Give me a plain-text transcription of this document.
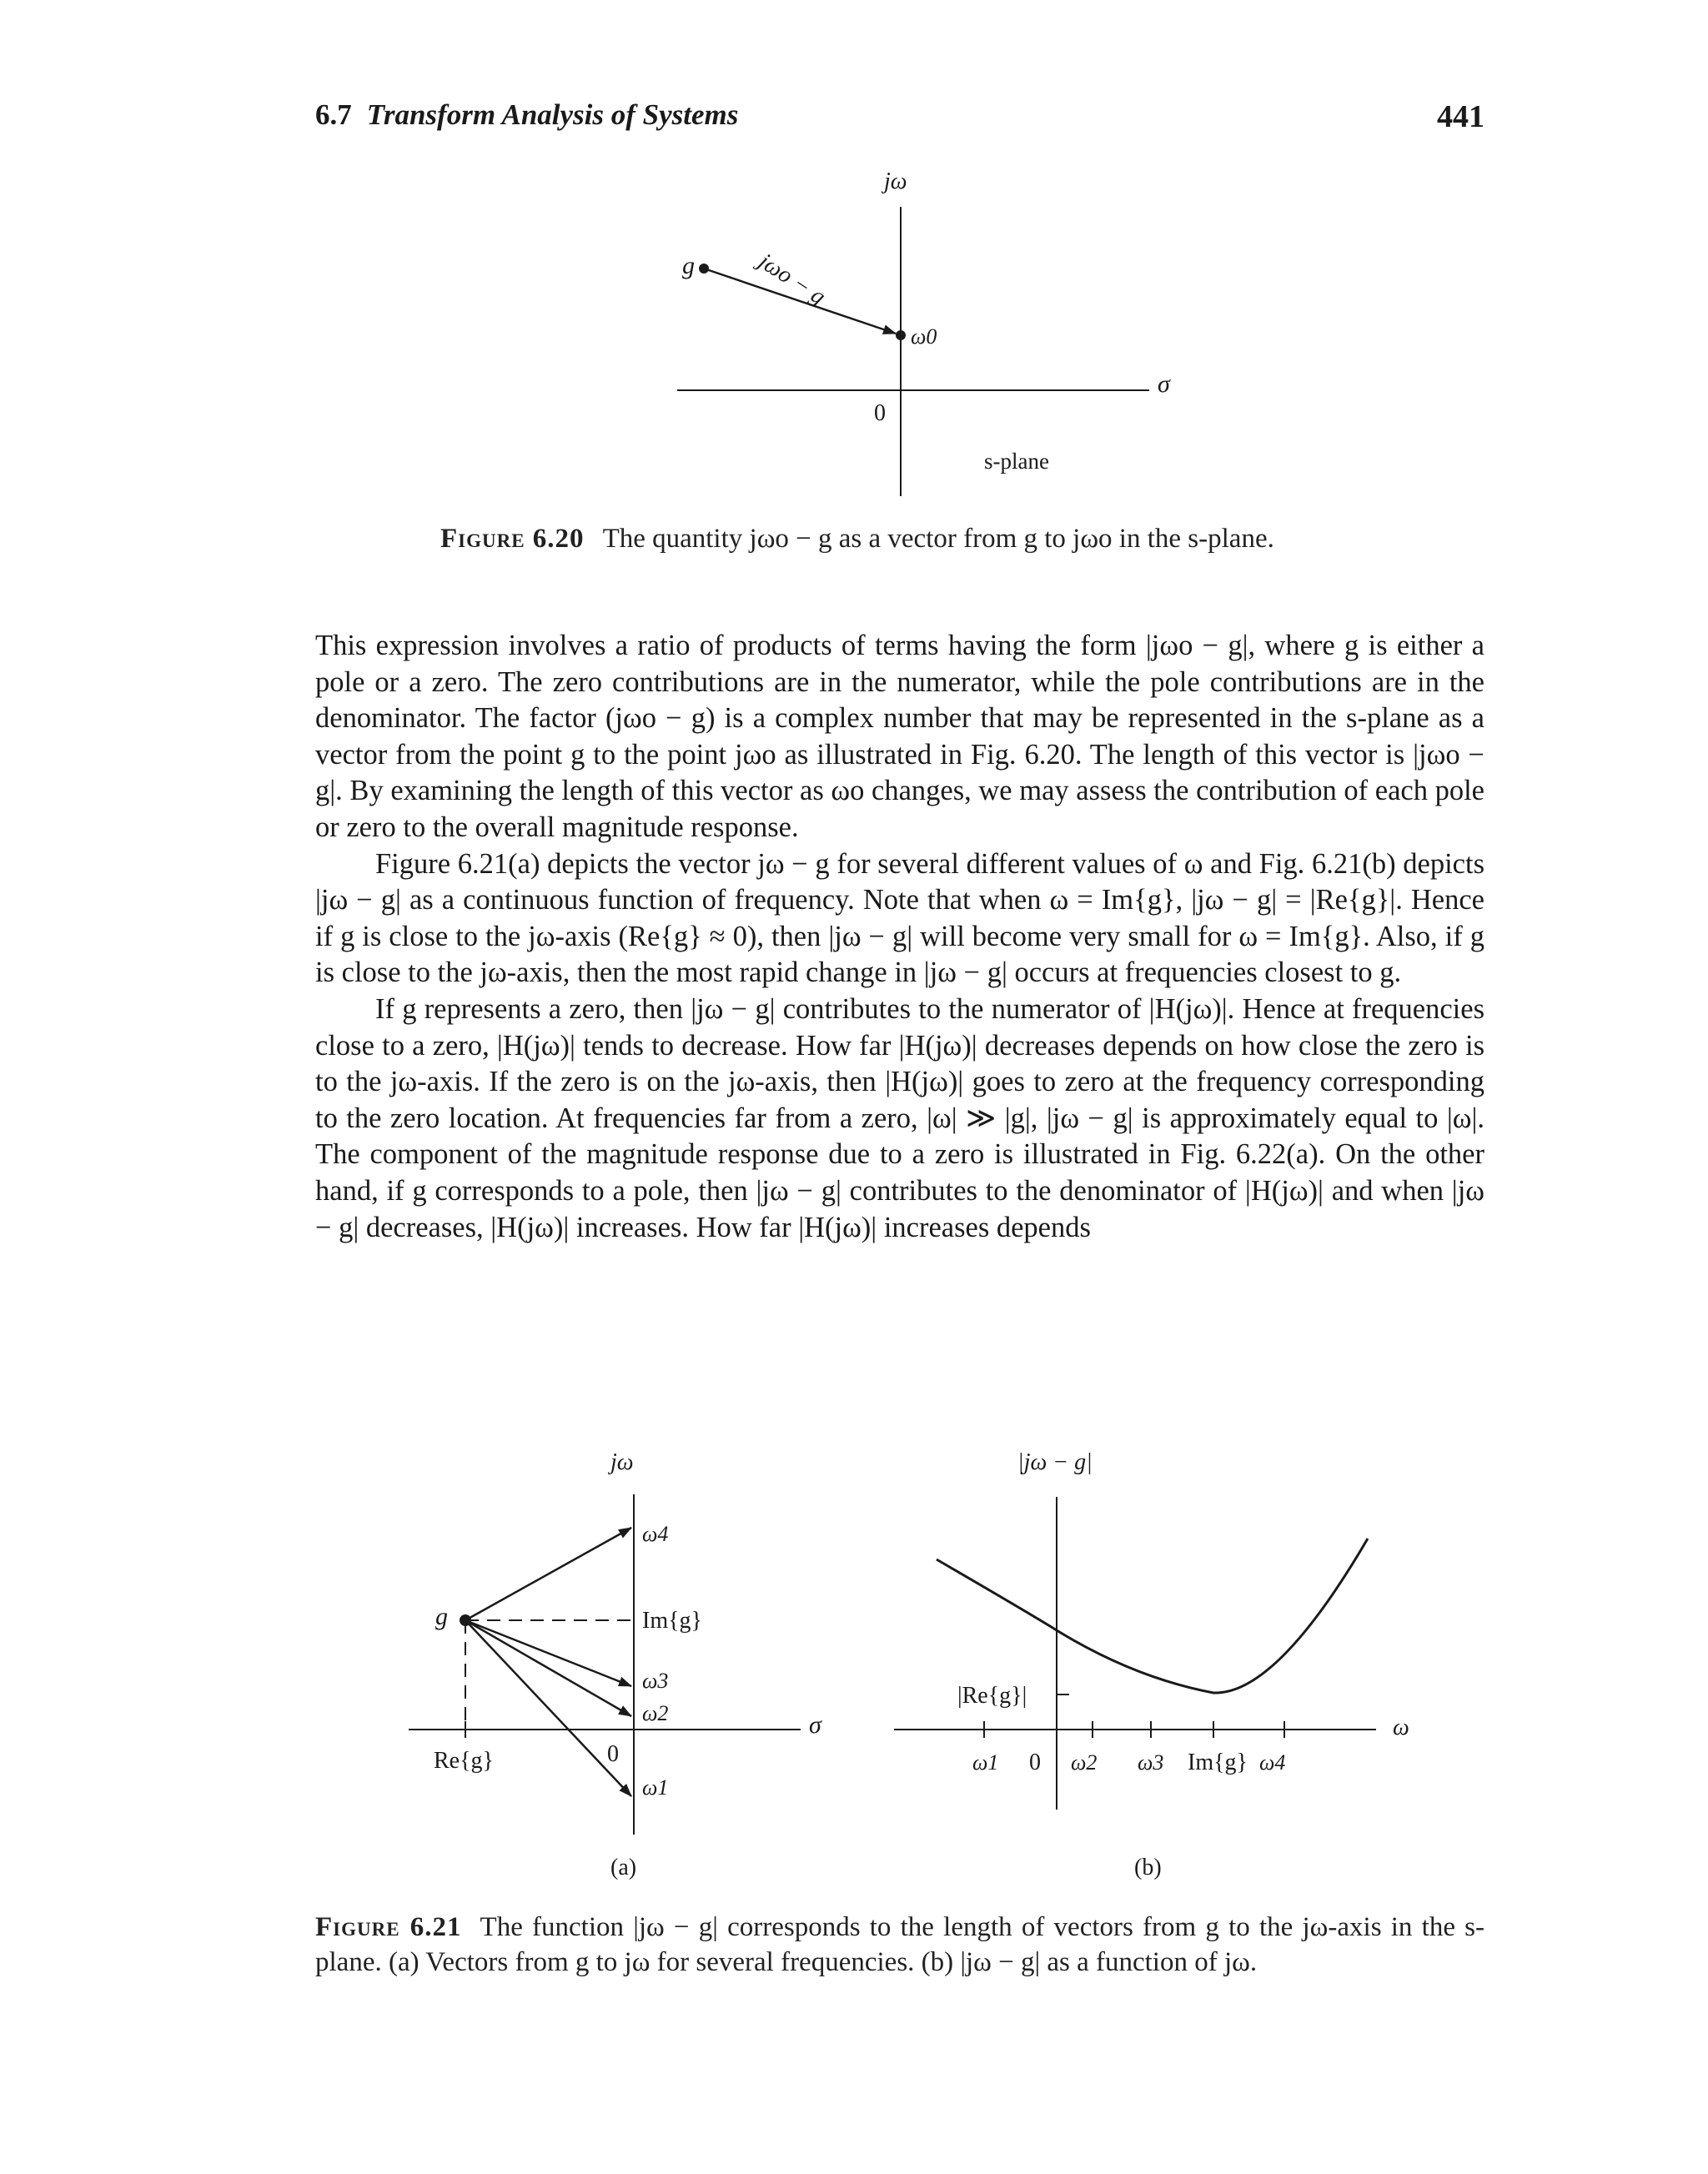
6.7 Transform Analysis of Systems	441
jω
σ
0
g
ω0
jωo − g
s-plane
Figure 6.20 The quantity jωo − g as a vector from g to jωo in the s-plane.

This expression involves a ratio of products of terms having the form |jωo − g|, where g is either a pole or a zero. The zero contributions are in the numerator, while the pole contributions are in the denominator. The factor (jωo − g) is a complex number that may be represented in the s-plane as a vector from the point g to the point jωo as illustrated in Fig. 6.20. The length of this vector is |jωo − g|. By examining the length of this vector as ωo changes, we may assess the contribution of each pole or zero to the overall magnitude response.

Figure 6.21(a) depicts the vector jω − g for several different values of ω and Fig. 6.21(b) depicts |jω − g| as a continuous function of frequency. Note that when ω = Im{g}, |jω − g| = |Re{g}|. Hence if g is close to the jω-axis (Re{g} ≈ 0), then |jω − g| will become very small for ω = Im{g}. Also, if g is close to the jω-axis, then the most rapid change in |jω − g| occurs at frequencies closest to g.

If g represents a zero, then |jω − g| contributes to the numerator of |H(jω)|. Hence at frequencies close to a zero, |H(jω)| tends to decrease. How far |H(jω)| decreases depends on how close the zero is to the jω-axis. If the zero is on the jω-axis, then |H(jω)| goes to zero at the frequency corresponding to the zero location. At frequencies far from a zero, |ω| ≫ |g|, |jω − g| is approximately equal to |ω|. The component of the magnitude response due to a zero is illustrated in Fig. 6.22(a). On the other hand, if g corresponds to a pole, then |jω − g| contributes to the denominator of |H(jω)| and when |jω − g| decreases, |H(jω)| increases. How far |H(jω)| increases depends

jω
σ
g
ω4
Im{g}
ω3
ω2
0
ω1
Re{g}
(a)
|jω − g|
ω
|Re{g}|
ω1 0 ω2 ω3 Im{g} ω4
(b)
Figure 6.21 The function |jω − g| corresponds to the length of vectors from g to the jω-axis in the s-plane. (a) Vectors from g to jω for several frequencies. (b) |jω − g| as a function of jω.
